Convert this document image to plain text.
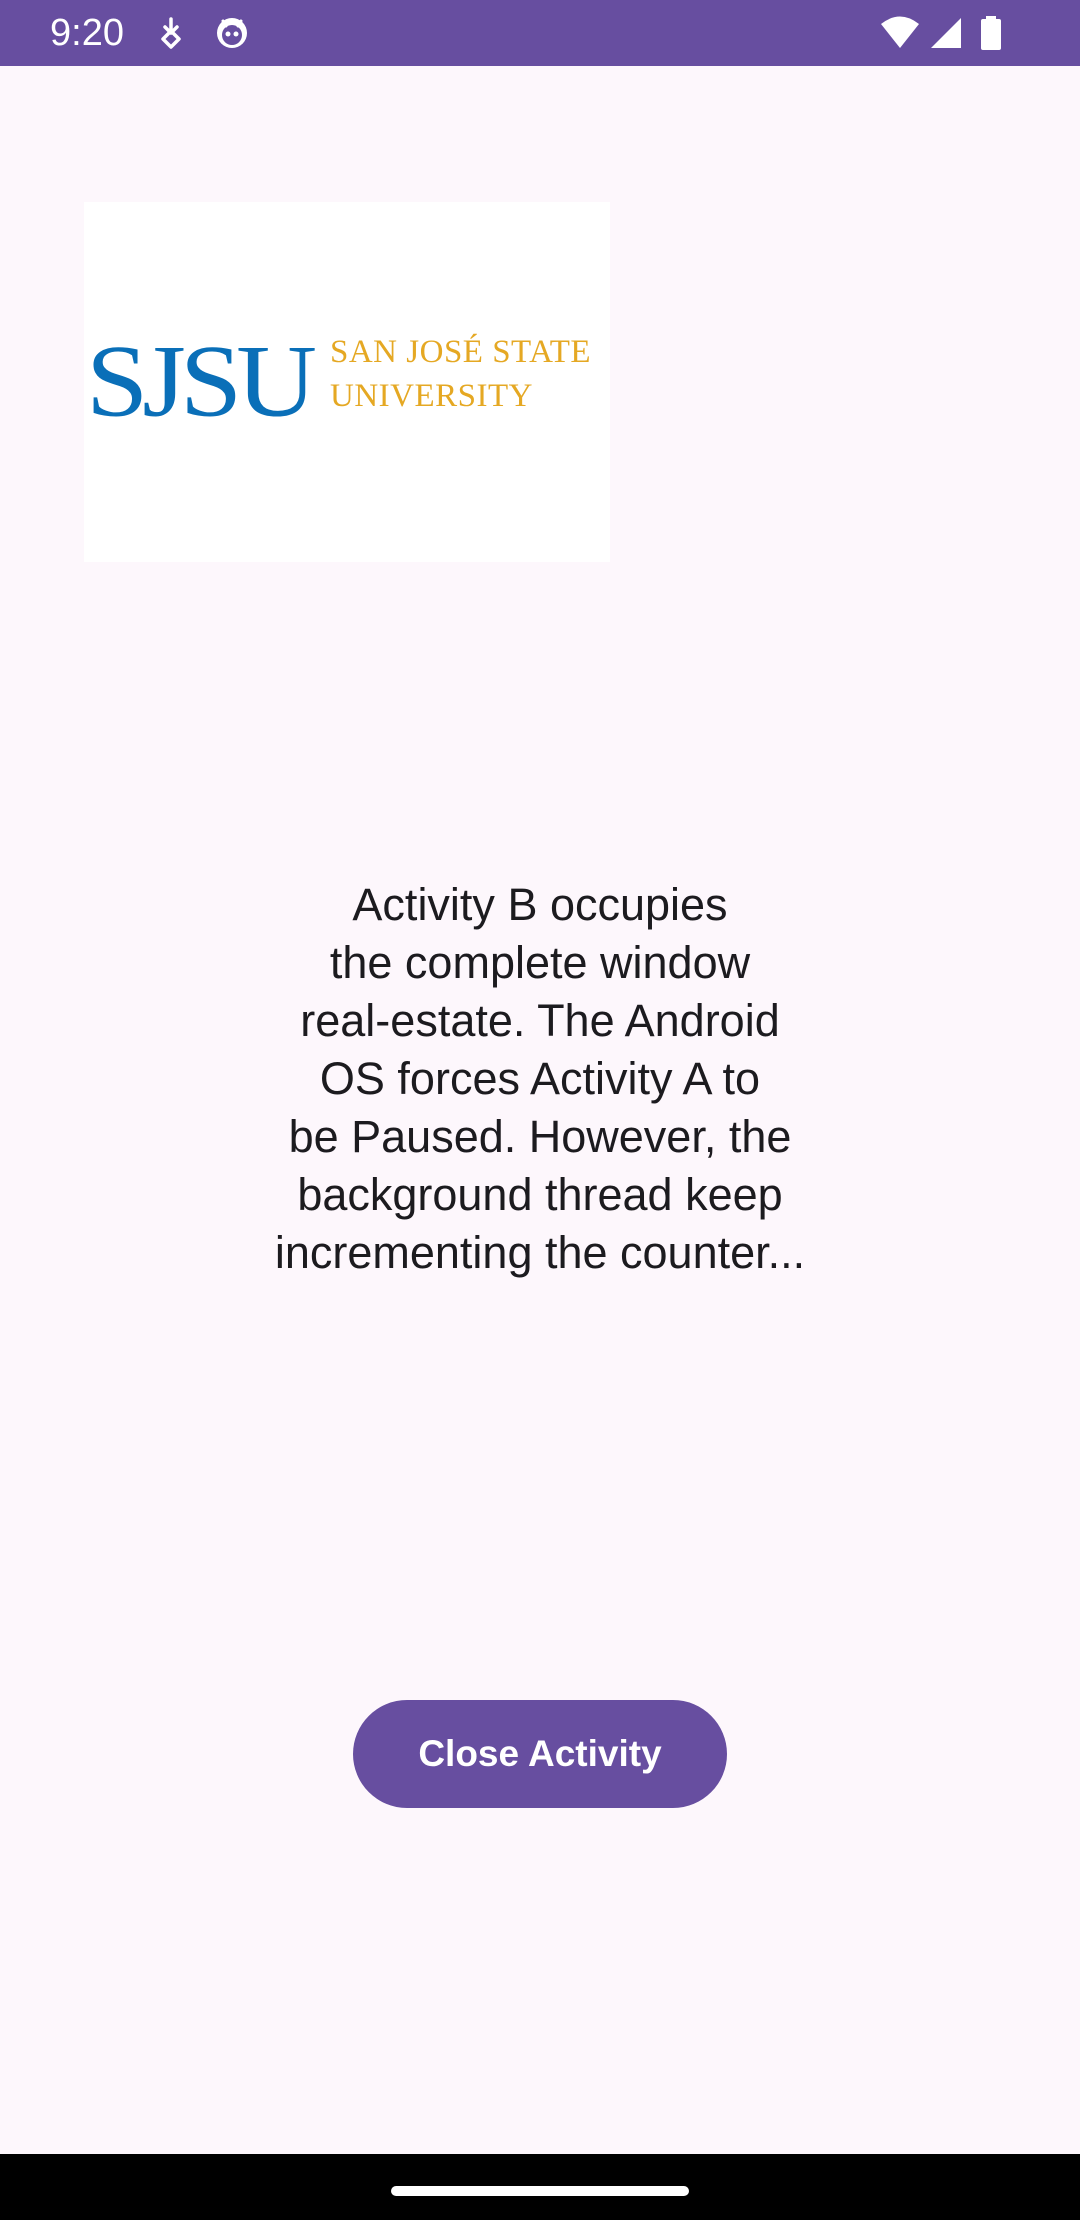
9:20
SJSU SAN JOSÉ STATE
UNIVERSITY
Activity B occupies
the complete window
real-estate. The Android
OS forces Activity A to
be Paused. However, the
background thread keep
incrementing the counter...
Close Activity
